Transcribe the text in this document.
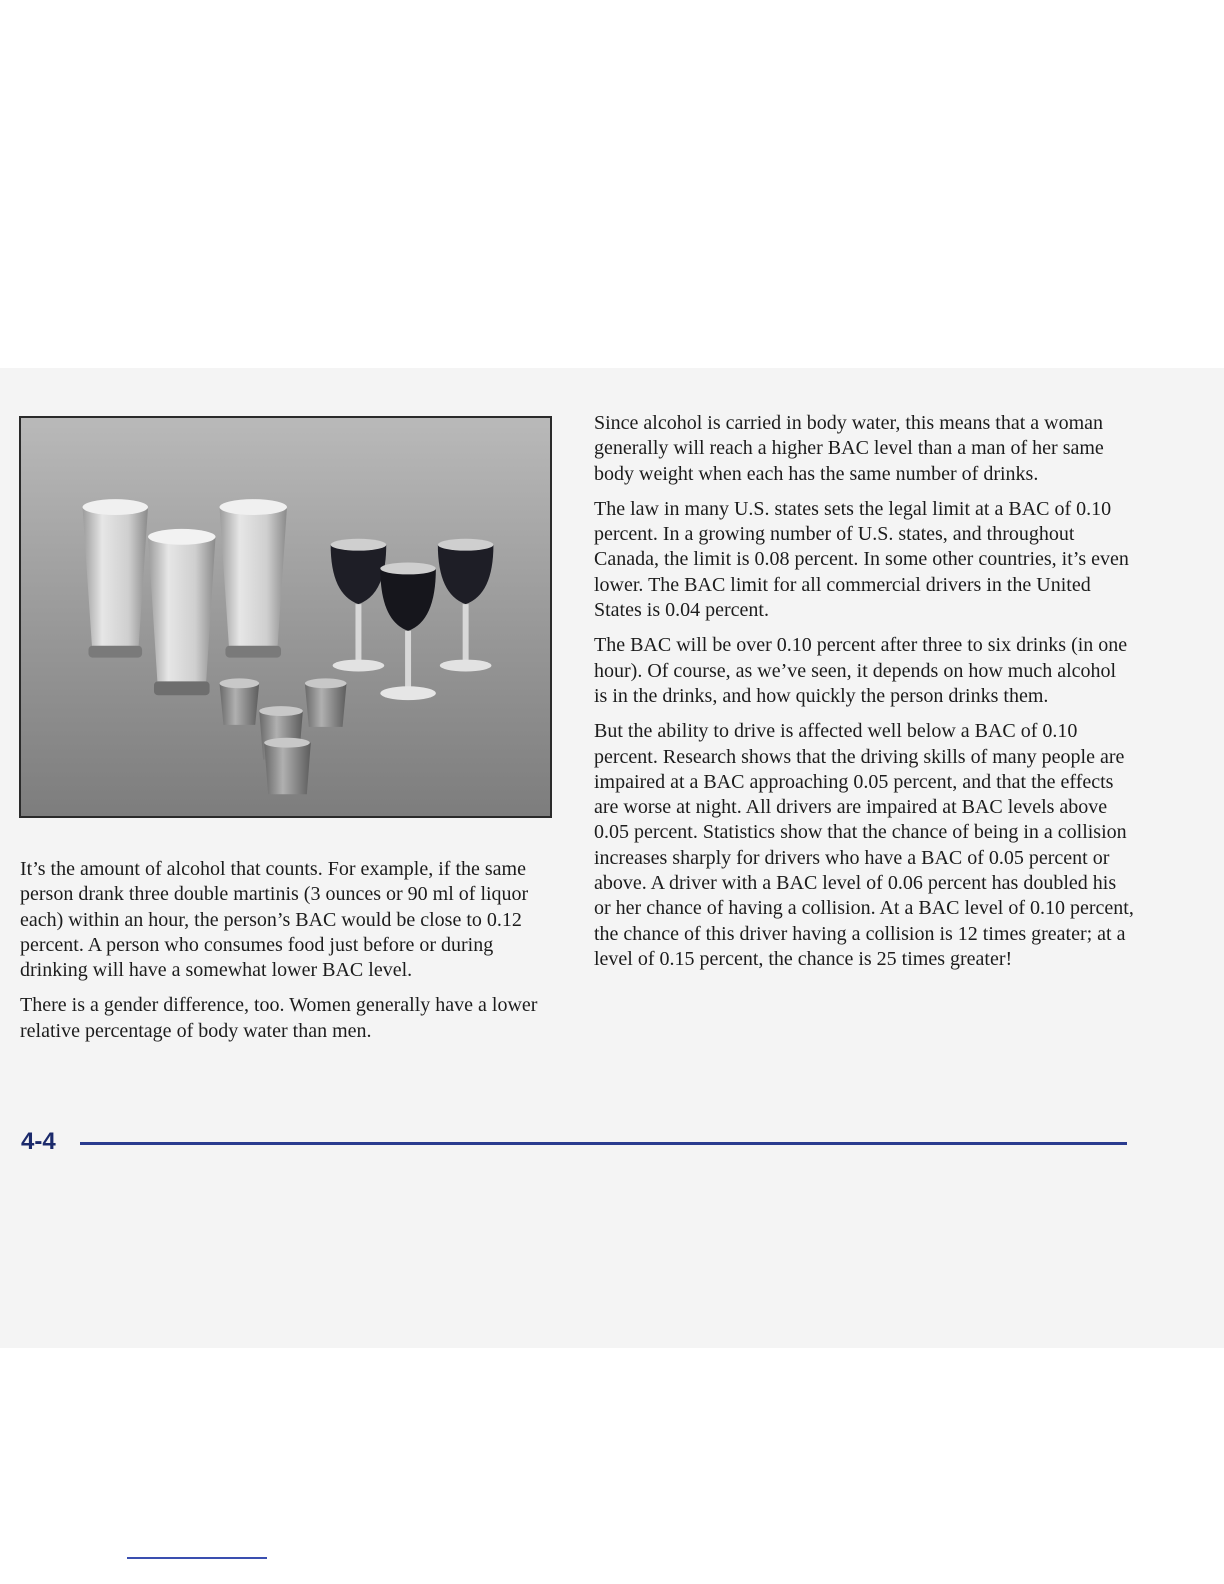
It’s the amount of alcohol that counts. For example, if the same person drank three double martinis (3 ounces or 90 ml of liquor each) within an hour, the person’s BAC would be close to 0.12 percent. A person who consumes food just before or during drinking will have a somewhat lower BAC level.

There is a gender difference, too. Women generally have a lower relative percentage of body water than men.

Since alcohol is carried in body water, this means that a woman generally will reach a higher BAC level than a man of her same body weight when each has the same number of drinks.

The law in many U.S. states sets the legal limit at a BAC of 0.10 percent. In a growing number of U.S. states, and throughout Canada, the limit is 0.08 percent. In some other countries, it’s even lower. The BAC limit for all commercial drivers in the United States is 0.04 percent.

The BAC will be over 0.10 percent after three to six drinks (in one hour). Of course, as we’ve seen, it depends on how much alcohol is in the drinks, and how quickly the person drinks them.

But the ability to drive is affected well below a BAC of 0.10 percent. Research shows that the driving skills of many people are impaired at a BAC approaching 0.05 percent, and that the effects are worse at night. All drivers are impaired at BAC levels above 0.05 percent. Statistics show that the chance of being in a collision increases sharply for drivers who have a BAC of 0.05 percent or above. A driver with a BAC level of 0.06 percent has doubled his or her chance of having a collision. At a BAC level of 0.10 percent, the chance of this driver having a collision is 12 times greater; at a level of 0.15 percent, the chance is 25 times greater!

4-4
